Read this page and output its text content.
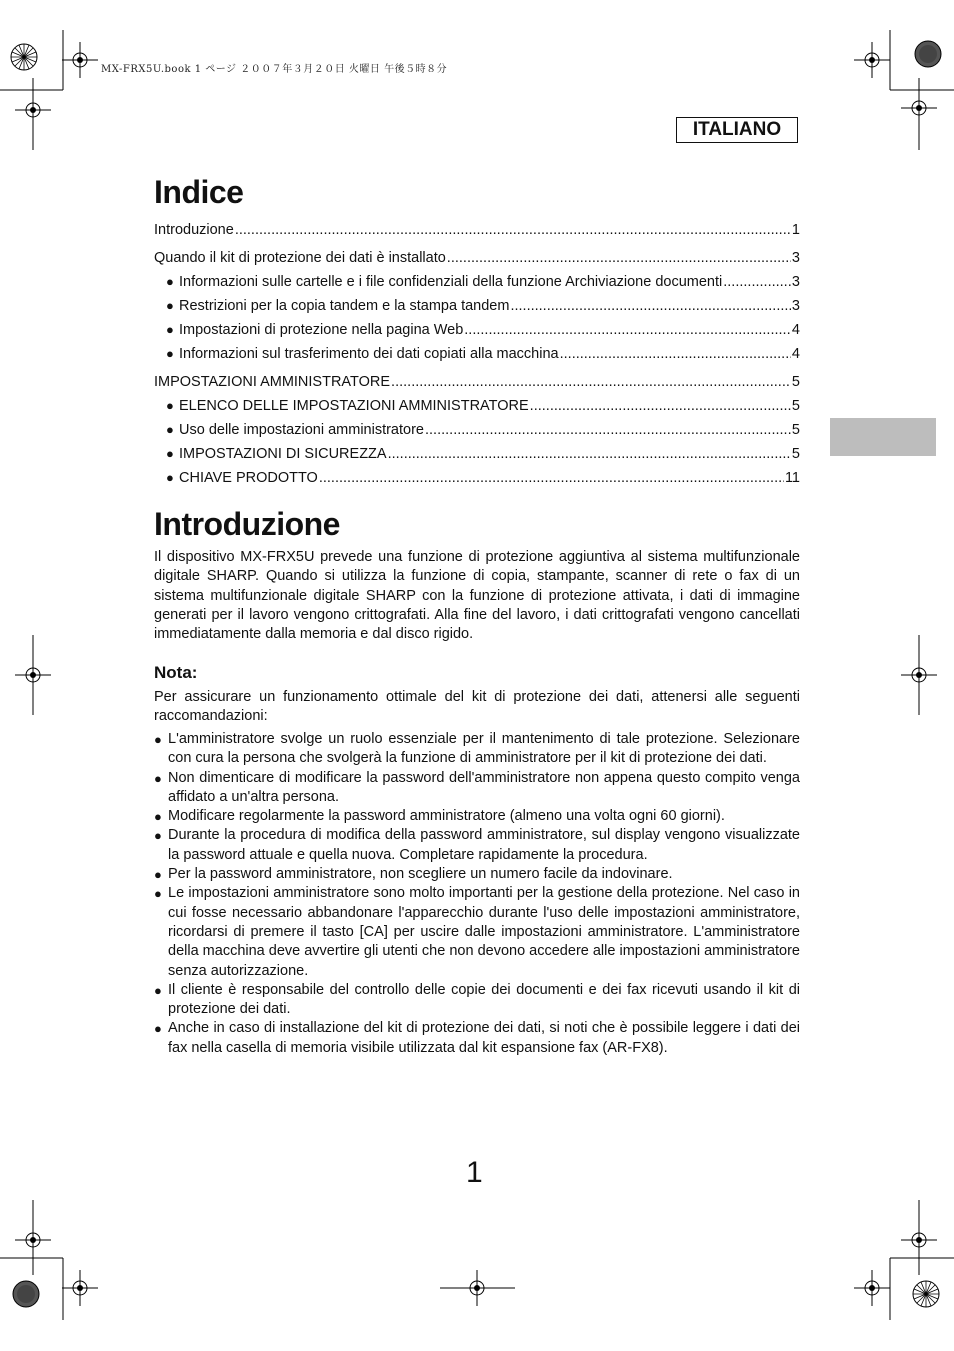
MX-FRX5U.book 1 ページ ２００７年３月２０日 火曜日 午後５時８分
ITALIANO
Indice
Introduzione .....	1
Quando il kit di protezione dei dati è installato .....	3
● Informazioni sulle cartelle e i file confidenziali della funzione Archiviazione documenti .....	3
● Restrizioni per la copia tandem e la stampa tandem .....	3
● Impostazioni di protezione nella pagina Web .....	4
● Informazioni sul trasferimento dei dati copiati alla macchina .....	4
IMPOSTAZIONI AMMINISTRATORE .....	5
● ELENCO DELLE IMPOSTAZIONI AMMINISTRATORE .....	5
● Uso delle impostazioni amministratore .....	5
● IMPOSTAZIONI DI SICUREZZA .....	5
● CHIAVE PRODOTTO .....	11
Introduzione

Il dispositivo MX-FRX5U prevede una funzione di protezione aggiuntiva al sistema multifunzionale digitale SHARP. Quando si utilizza la funzione di copia, stampante, scanner di rete o fax di un sistema multifunzionale digitale SHARP con la funzione di protezione attivata, i dati di immagine generati per il lavoro vengono crittografati. Alla fine del lavoro, i dati crittografati vengono cancellati immediatamente dalla memoria e dal disco rigido.

Nota:

Per assicurare un funzionamento ottimale del kit di protezione dei dati, attenersi alle seguenti raccomandazioni:

● L'amministratore svolge un ruolo essenziale per il mantenimento di tale protezione. Selezionare con cura la persona che svolgerà la funzione di amministratore per il kit di protezione dei dati.
● Non dimenticare di modificare la password dell'amministratore non appena questo compito venga affidato a un'altra persona.
● Modificare regolarmente la password amministratore (almeno una volta ogni 60 giorni).
● Durante la procedura di modifica della password amministratore, sul display vengono visualizzate la password attuale e quella nuova. Completare rapidamente la procedura.
● Per la password amministratore, non scegliere un numero facile da indovinare.
● Le impostazioni amministratore sono molto importanti per la gestione della protezione. Nel caso in cui fosse necessario abbandonare l'apparecchio durante l'uso delle impostazioni amministratore, ricordarsi di premere il tasto [CA] per uscire dalle impostazioni amministratore. L'amministratore della macchina deve avvertire gli utenti che non devono accedere alle impostazioni amministratore senza autorizzazione.
● Il cliente è responsabile del controllo delle copie dei documenti e dei fax ricevuti usando il kit di protezione dei dati.
● Anche in caso di installazione del kit di protezione dei dati, si noti che è possibile leggere i dati dei fax nella casella di memoria visibile utilizzata dal kit espansione fax (AR-FX8).
1
